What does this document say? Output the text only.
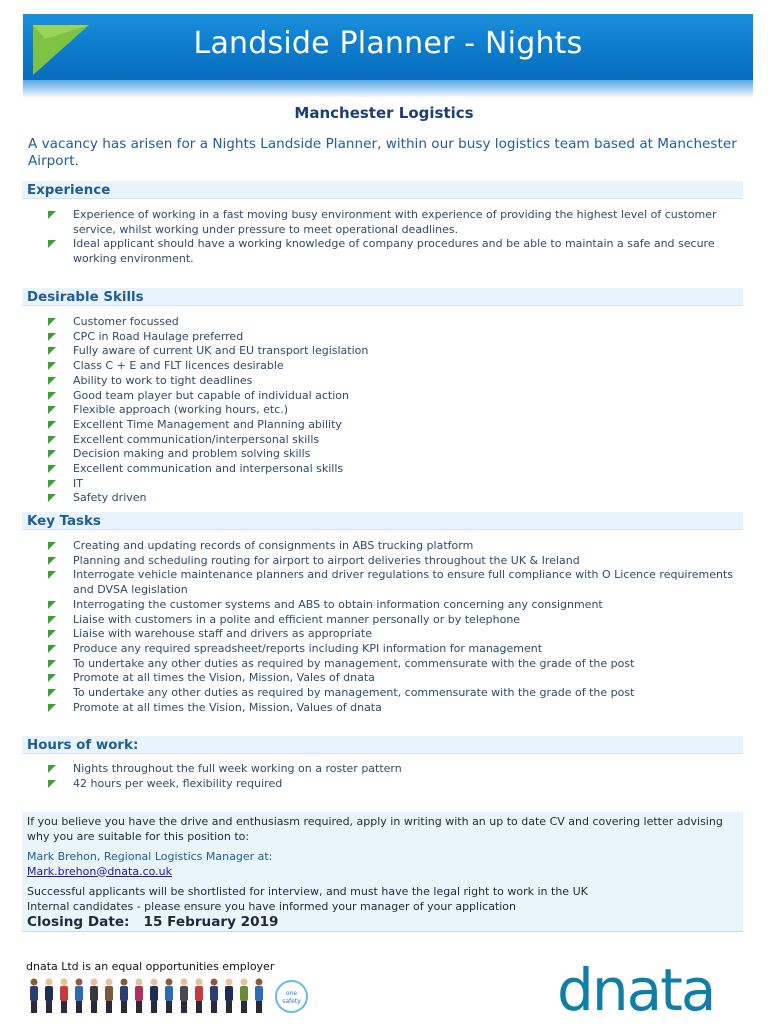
Landside Planner - Nights
Manchester Logistics
A vacancy has arisen for a Nights Landside Planner, within our busy logistics team based at Manchester Airport.
Experience
Experience of working in a fast moving busy environment with experience of providing the highest level of customer service, whilst working under pressure to meet operational deadlines.
Ideal applicant should have a working knowledge of company procedures and be able to maintain a safe and secure working environment.
Desirable Skills
Customer focussed
CPC in Road Haulage preferred
Fully aware of current UK and EU transport legislation
Class C + E and FLT licences desirable
Ability to work to tight deadlines
Good team player but capable of individual action
Flexible approach (working hours, etc.)
Excellent Time Management and Planning ability
Excellent communication/interpersonal skills
Decision making and problem solving skills
Excellent communication and interpersonal skills
IT
Safety driven
Key Tasks
Creating and updating records of consignments in ABS trucking platform
Planning and scheduling routing for airport to airport deliveries throughout the UK & Ireland
Interrogate vehicle maintenance planners and driver regulations to ensure full compliance with O Licence requirements and DVSA legislation
Interrogating the customer systems and ABS to obtain information concerning any consignment
Liaise with customers in a polite and efficient manner personally or by telephone
Liaise with warehouse staff and drivers as appropriate
Produce any required spreadsheet/reports including KPI information for management
To undertake any other duties as required by management, commensurate with the grade of the post
Promote at all times the Vision, Mission, Vales of dnata
To undertake any other duties as required by management, commensurate with the grade of the post
Promote at all times the Vision, Mission, Values of dnata
Hours of work:
Nights throughout the full week working on a roster pattern
42 hours per week, flexibility required
If you believe you have the drive and enthusiasm required, apply in writing with an up to date CV and covering letter advising why you are suitable for this position to:
Mark Brehon, Regional Logistics Manager at:
Mark.brehon@dnata.co.uk
Successful applicants will be shortlisted for interview, and must have the legal right to work in the UK
Internal candidates - please ensure you have informed your manager of your application
Closing Date: 15 February 2019
dnata Ltd is an equal opportunities employer
one safety	dnata
